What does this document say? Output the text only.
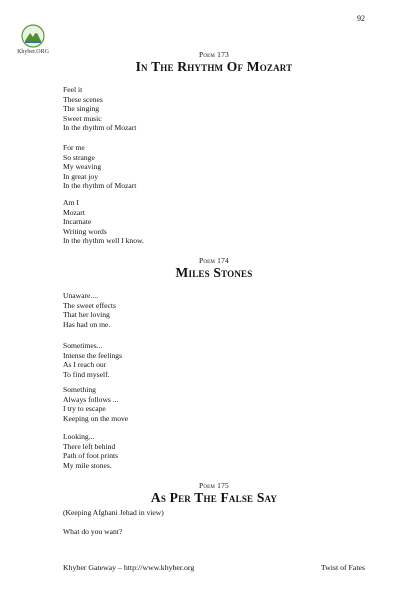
92
Khyber.ORG	Poem 173
In The Rhythm Of Mozart
Feel it
These scenes
The singing
Sweet music
In the rhythm of Mozart
For me
So strange
My weaving
In great joy
In the rhythm of Mozart
Am I
Mozart
Incarnate
Writing words
In the rhythm well I know.
Poem 174
Miles Stones
Unaware....
The sweet effects
That her loving
Has had on me.
Sometimes...
Intense the feelings
As I reach our
To find myself.
Something
Always follows ...
I try to escape
Keeping on the move
Looking...
There left behind
Path of foot prints
My mile stones.
Poem 175
As Per The False Say
(Keeping Afghani Jehad in view)
What do you want?
Khyber Gateway – http://www.khyber.org	Twist of Fates
